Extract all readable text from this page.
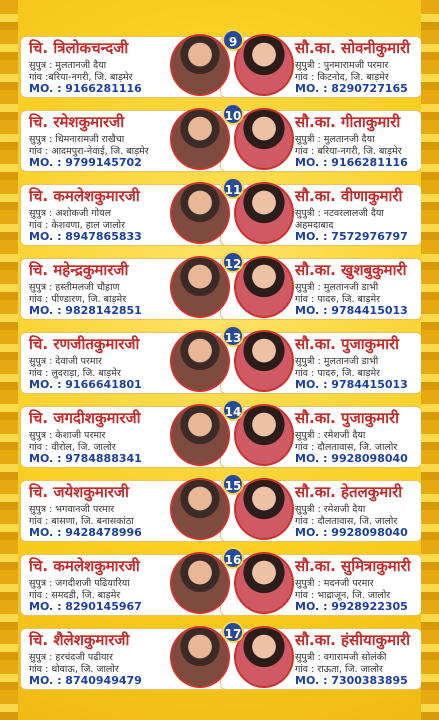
चि. त्रिलोकचन्दजी
सुपुत्र : मुलतानजी दैया
गांव :बरिया-नगरी, जि. बाड़मेर
MO. : 9166281116
सौ.का. सोवनीकुमारी
सुपुत्री : पुनमारामजी परमार
गांव : किटनोद, जि. बाड़मेर
MO. : 8290727165
9
चि. रमेशकुमारजी
सुपुत्र : धिमनारामजी राखैचा
गांव : आदमपुरा-नेवाई, जि. बाड़मेर
MO. : 9799145702
सौ.का. गीताकुमारी
सुपुत्री : मुलतानजी दैया
गांव : बरिया-नगरी, जि. बाड़मेर
MO. : 9166281116
10
चि. कमलेशकुमारजी
सुपुत्र : अशोकजी गोयल
गांव : केशवणा, हाल जालोर
MO. : 8947865833
सौ.का. वीणाकुमारी
सुपुत्री : नटवरलालजी दैया
अहमदाबाद
MO. : 7572976797
11
चि. महेन्द्रकुमारजी
सुपुत्र : हस्तीमलजी चौहाण
गांव : पीण्डारण, जि. बाड़मेर
MO. : 9828142851
सौ.का. खुशबुकुमारी
सुपुत्री : मुलतानजी डाभी
गांव : पादरु, जि. बाड़मेर
MO. : 9784415013
12
चि. रणजीतकुमारजी
सुपुत्र : देवाजी परमार
गांव : लुदराड़ा, जि. बाड़मेर
MO. : 9166641801
सौ.का. पुजाकुमारी
सुपुत्री : मुलतानजी डाभी
गांव : पादरु, जि. बाड़मेर
MO. : 9784415013
13
चि. जगदीशकुमारजी
सुपुत्र : केशाजी परमार
गांव : वीरोल, जि. जालोर
MO. : 9784888341
सौ.का. पुजाकुमारी
सुपुत्री : रमेशजी दैया
गांव : दौलतावास, जि. जालोर
MO. : 9928098040
14
चि. जयेशकुमारजी
सुपुत्र : भगवानजी परमार
गांव : बासणा, जि. बनासकांठा
MO. : 9428478996
सौ.का. हेतलकुमारी
सुपुत्री : रमेशजी दैया
गांव : दौलतावास, जि. जालोर
MO. : 9928098040
15
चि. कमलेशकुमारजी
सुपुत्र : जगदीशजी पढियारिया
गांव : समदडी, जि. बाड़मेर
MO. : 8290145967
सौ.का. सुमित्राकुमारी
सुपुत्री : मदनजी परमार
गांव : भाद्राजून, जि. जालोर
MO. : 9928922305
16
चि. शैलेशकुमारजी
सुपुत्र : हरचंदजी पढीयार
गांव : धोवाऊ, जि. जालोर
MO. : 8740949479
सौ.का. हंसीयाकुमारी
सुपुत्री : वगारामजी सोलंकी
गांव : राऊता, जि. जालोर
MO. : 7300383895
17
